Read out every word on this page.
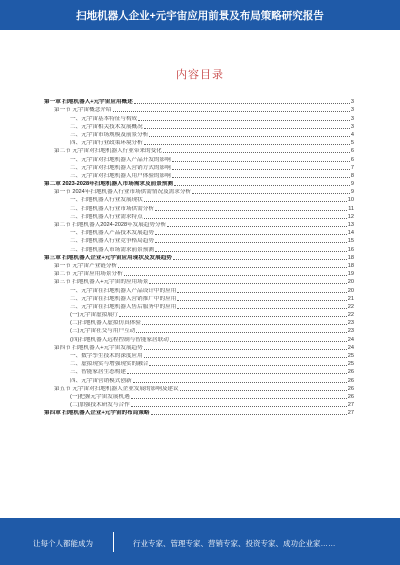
扫地机器人企业+元宇宙应用前景及布局策略研究报告
内容目录
第一章 扫地机器人+元宇宙应用概述	3
第一节 元宇宙概念介绍	3
一、元宇宙基本特征与构成	3
二、元宇宙相关技术发展概况	3
三、元宇宙市场规模及前景分析	4
四、元宇宙行业政策环境分析	5
第二节 元宇宙对扫地机器人行业带来的变化	6
一、元宇宙对扫地机器人产品开发的影响	6
二、元宇宙对扫地机器人营销方式的影响	7
三、元宇宙对扫地机器人用户体验的影响	8
第二章 2023-2028年扫地机器人市场需求及前景预测	9
第一节 2024年扫地机器人行业市场供需情况及需求分析	9
一、扫地机器人行业发展现状	10
二、扫地机器人行业市场供需分析	11
三、扫地机器人行业需求特点	12
第二节 扫地机器人2024-2028年发展趋势分析	13
一、扫地机器人产品技术发展趋势	14
二、扫地机器人行业竞争格局趋势	15
三、扫地机器人市场需求前景预测	16
第三章 扫地机器人企业+元宇宙应用现状及发展趋势	18
第一节 元宇宙产业链分析	18
第二节 元宇宙应用场景分析	19
第三节 扫地机器人+元宇宙的应用场景	20
一、元宇宙在扫地机器人产品设计中的应用	20
二、元宇宙在扫地机器人营销推广中的应用	21
三、元宇宙在扫地机器人售后服务中的应用	22
(一)元宇宙虚拟展厅	22
(二)扫地机器人虚拟仿真体验	23
(三)元宇宙社交与用户互动	23
(四)扫地机器人远程控制与智能家居联动	24
第四节 扫地机器人+元宇宙发展趋势	24
一、数字孪生技术的深度应用	25
二、虚拟现实与增强现实的融合	25
三、智能家居生态构建	26
四、元宇宙营销模式创新	26
第五节 元宇宙对扫地机器人企业发展的影响及建议	26
(一)把握元宇宙发展机遇	26
(二)加强技术研发与合作	27
第四章 扫地机器人企业+元宇宙的布局策略	27
让每个人都能成为	行业专家、管理专家、营销专家、投资专家、成功企业家……
